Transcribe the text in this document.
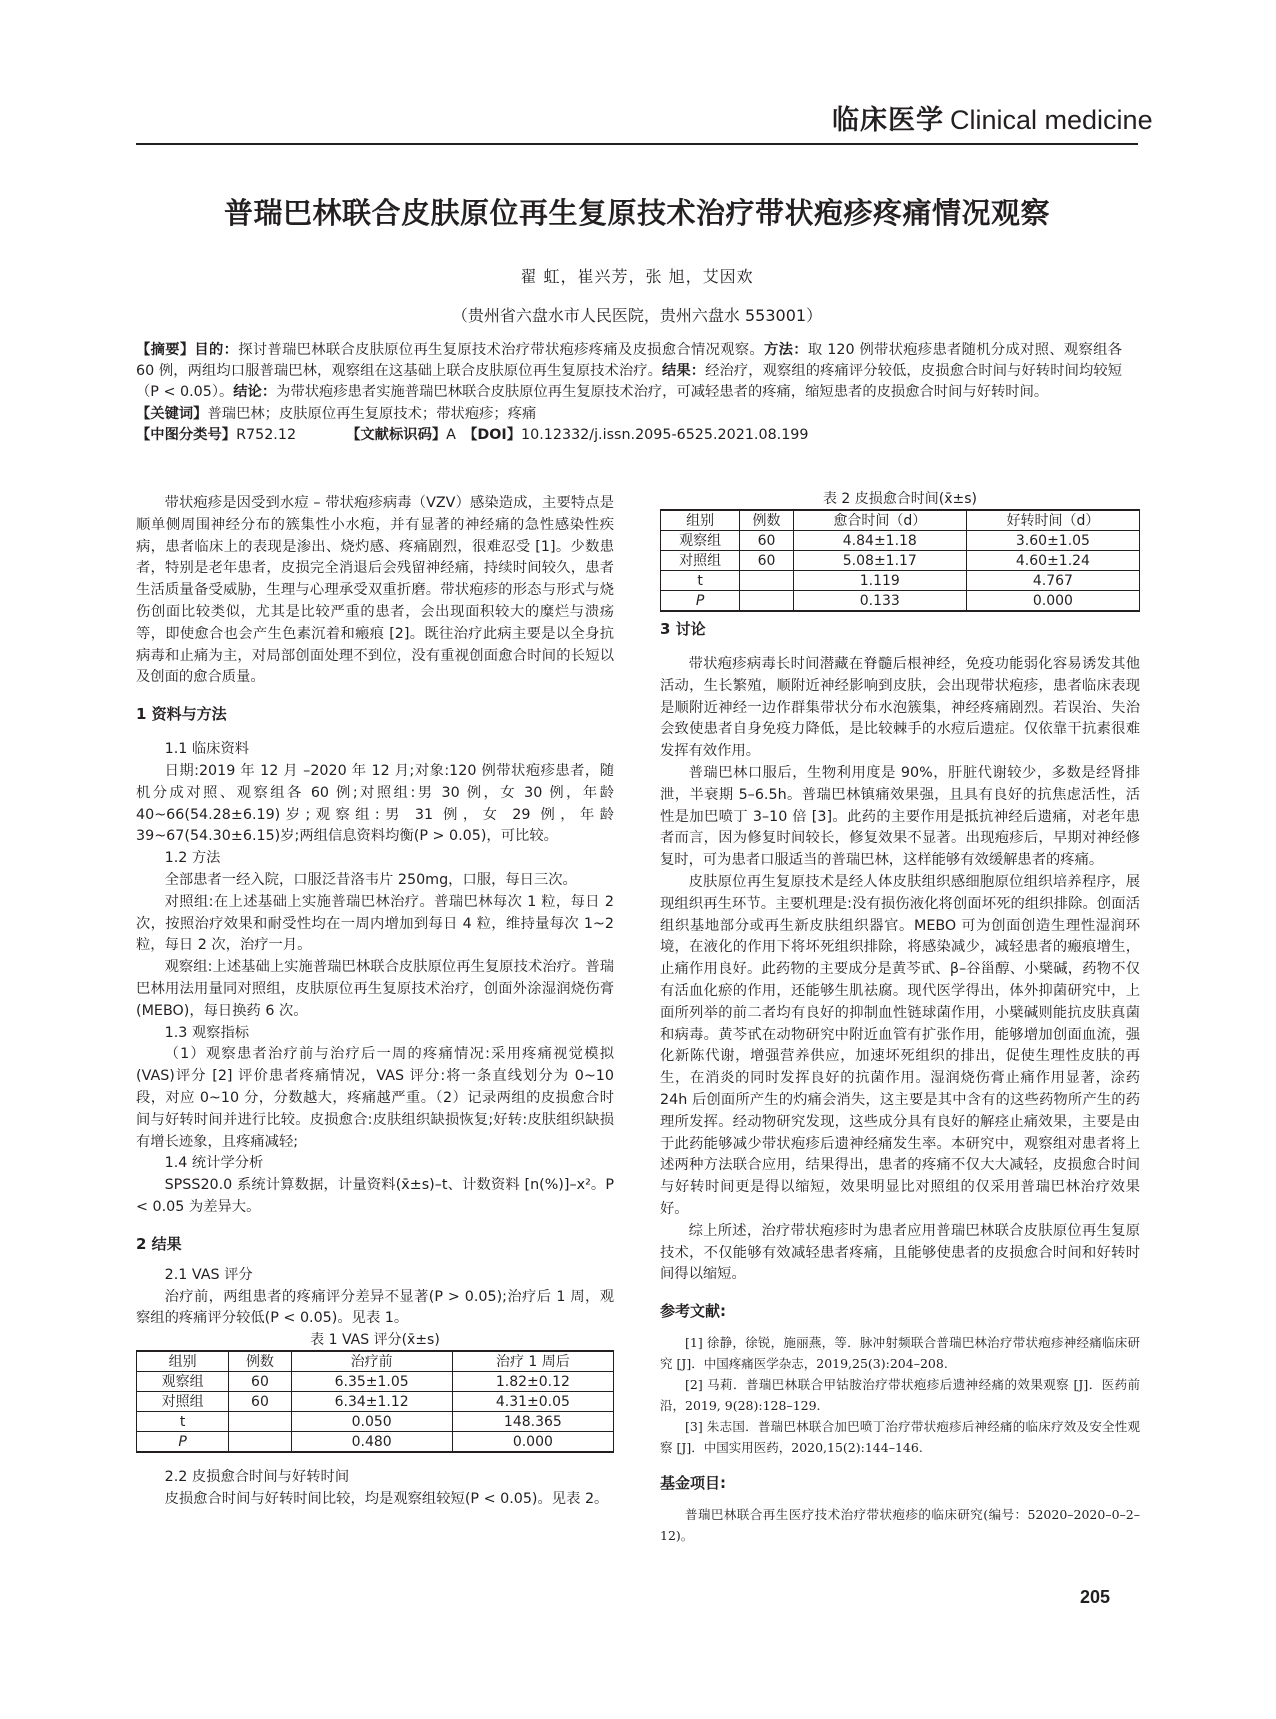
临床医学 Clinical medicine
普瑞巴林联合皮肤原位再生复原技术治疗带状疱疹疼痛情况观察
翟 虹，崔兴芳，张 旭，艾因欢
（贵州省六盘水市人民医院，贵州六盘水 553001）

【摘要】目的：探讨普瑞巴林联合皮肤原位再生复原技术治疗带状疱疹疼痛及皮损愈合情况观察。方法：取 120 例带状疱疹患者随机分成对照、观察组各 60 例，两组均口服普瑞巴林，观察组在这基础上联合皮肤原位再生复原技术治疗。结果：经治疗，观察组的疼痛评分较低，皮损愈合时间与好转时间均较短（P < 0.05）。结论：为带状疱疹患者实施普瑞巴林联合皮肤原位再生复原技术治疗，可减轻患者的疼痛，缩短患者的皮损愈合时间与好转时间。

【关键词】普瑞巴林；皮肤原位再生复原技术；带状疱疹；疼痛

【中图分类号】R752.12　　　　	【文献标识码】A　 【DOI】10.12332/j.issn.2095-6525.2021.08.199

带状疱疹是因受到水痘 – 带状疱疹病毒（VZV）感染造成，主要特点是顺单侧周围神经分布的簇集性小水疱，并有显著的神经痛的急性感染性疾病，患者临床上的表现是渗出、烧灼感、疼痛剧烈，很难忍受 [1]。少数患者，特别是老年患者，皮损完全消退后会残留神经痛，持续时间较久，患者生活质量备受威胁，生理与心理承受双重折磨。带状疱疹的形态与形式与烧伤创面比较类似，尤其是比较严重的患者，会出现面积较大的糜烂与溃疡等，即使愈合也会产生色素沉着和瘢痕 [2]。既往治疗此病主要是以全身抗病毒和止痛为主，对局部创面处理不到位，没有重视创面愈合时间的长短以及创面的愈合质量。

1 资料与方法

1.1 临床资料

日期:2019 年 12 月 –2020 年 12 月;对象:120 例带状疱疹患者，随机分成对照、观察组各 60 例;对照组:男 30 例，女 30 例，年龄 40~66(54.28±6.19)岁;观察组:男 31 例，女 29 例，年龄 39~67(54.30±6.15)岁;两组信息资料均衡(P > 0.05)，可比较。

1.2 方法

全部患者一经入院，口服泛昔洛韦片 250mg，口服，每日三次。

对照组:在上述基础上实施普瑞巴林治疗。普瑞巴林每次 1 粒，每日 2 次，按照治疗效果和耐受性均在一周内增加到每日 4 粒，维持量每次 1~2 粒，每日 2 次，治疗一月。

观察组:上述基础上实施普瑞巴林联合皮肤原位再生复原技术治疗。普瑞巴林用法用量同对照组，皮肤原位再生复原技术治疗，创面外涂湿润烧伤膏(MEBO)，每日换药 6 次。

1.3 观察指标

（1）观察患者治疗前与治疗后一周的疼痛情况:采用疼痛视觉模拟(VAS)评分 [2] 评价患者疼痛情况，VAS 评分:将一条直线划分为 0~10 段，对应 0~10 分，分数越大，疼痛越严重。（2）记录两组的皮损愈合时间与好转时间并进行比较。皮损愈合:皮肤组织缺损恢复;好转:皮肤组织缺损有增长迹象，且疼痛减轻;

1.4 统计学分析

SPSS20.0 系统计算数据，计量资料(x̄±s)–t、计数资料 [n(%)]–x²。P < 0.05 为差异大。

2 结果

2.1 VAS 评分

治疗前，两组患者的疼痛评分差异不显著(P > 0.05);治疗后 1 周，观察组的疼痛评分较低(P < 0.05)。见表 1。

表 1 VAS 评分(x̄±s)
组别	例数	治疗前	治疗 1 周后
观察组	60	6.35±1.05	1.82±0.12
对照组	60	6.34±1.12	4.31±0.05
t		0.050	148.365
P		0.480	0.000

2.2 皮损愈合时间与好转时间

皮损愈合时间与好转时间比较，均是观察组较短(P < 0.05)。见表 2。

表 2 皮损愈合时间(x̄±s)
组别	例数	愈合时间（d）	好转时间（d）
观察组	60	4.84±1.18	3.60±1.05
对照组	60	5.08±1.17	4.60±1.24
t		1.119	4.767
P		0.133	0.000
3 讨论

带状疱疹病毒长时间潜藏在脊髓后根神经，免疫功能弱化容易诱发其他活动，生长繁殖，顺附近神经影响到皮肤，会出现带状疱疹，患者临床表现是顺附近神经一边作群集带状分布水泡簇集，神经疼痛剧烈。若误治、失治会致使患者自身免疫力降低，是比较棘手的水痘后遗症。仅依靠干抗素很难发挥有效作用。

普瑞巴林口服后，生物利用度是 90%，肝脏代谢较少，多数是经肾排泄，半衰期 5–6.5h。普瑞巴林镇痛效果强，且具有良好的抗焦虑活性，活性是加巴喷丁 3–10 倍 [3]。此药的主要作用是抵抗神经后遗痛，对老年患者而言，因为修复时间较长，修复效果不显著。出现疱疹后，早期对神经修复时，可为患者口服适当的普瑞巴林，这样能够有效缓解患者的疼痛。

皮肤原位再生复原技术是经人体皮肤组织感细胞原位组织培养程序，展现组织再生环节。主要机理是:没有损伤液化将创面坏死的组织排除。创面活组织基地部分或再生新皮肤组织器官。MEBO 可为创面创造生理性湿润环境，在液化的作用下将坏死组织排除，将感染减少，减轻患者的瘢痕增生，止痛作用良好。此药物的主要成分是黄芩甙、β–谷甾醇、小檗碱，药物不仅有活血化瘀的作用，还能够生肌祛腐。现代医学得出，体外抑菌研究中，上面所列举的前二者均有良好的抑制血性链球菌作用，小檗碱则能抗皮肤真菌和病毒。黄芩甙在动物研究中附近血管有扩张作用，能够增加创面血流，强化新陈代谢，增强营养供应，加速坏死组织的排出，促使生理性皮肤的再生，在消炎的同时发挥良好的抗菌作用。湿润烧伤膏止痛作用显著，涂药 24h 后创面所产生的灼痛会消失，这主要是其中含有的这些药物所产生的药理所发挥。经动物研究发现，这些成分具有良好的解痉止痛效果，主要是由于此药能够减少带状疱疹后遗神经痛发生率。本研究中，观察组对患者将上述两种方法联合应用，结果得出，患者的疼痛不仅大大减轻，皮损愈合时间与好转时间更是得以缩短，效果明显比对照组的仅采用普瑞巴林治疗效果好。

综上所述，治疗带状疱疹时为患者应用普瑞巴林联合皮肤原位再生复原技术，不仅能够有效减轻患者疼痛，且能够使患者的皮损愈合时间和好转时间得以缩短。

参考文献:

[1] 徐静，徐锐，施丽燕，等．脉冲射频联合普瑞巴林治疗带状疱疹神经痛临床研究 [J]．中国疼痛医学杂志，2019,25(3):204–208.

[2] 马莉．普瑞巴林联合甲钴胺治疗带状疱疹后遗神经痛的效果观察 [J]．医药前沿，2019, 9(28):128–129.

[3] 朱志国．普瑞巴林联合加巴喷丁治疗带状疱疹后神经痛的临床疗效及安全性观察 [J]．中国实用医药，2020,15(2):144–146.

基金项目:

普瑞巴林联合再生医疗技术治疗带状疱疹的临床研究(编号：52020–2020–0–2–12)。

205
